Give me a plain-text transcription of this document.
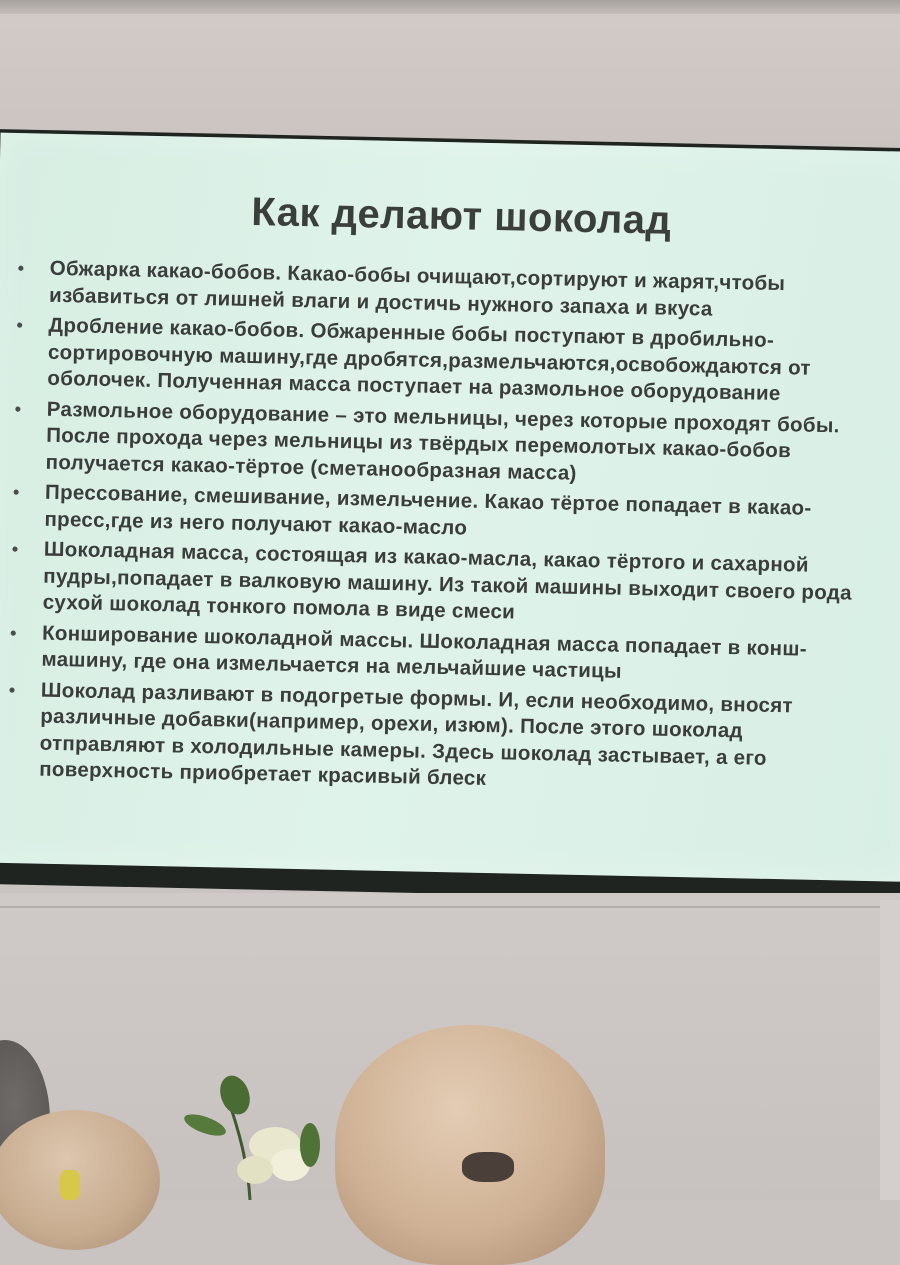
Как делают шоколад
• Обжарка какао-бобов. Какао-бобы очищают,сортируют и жарят,чтобы избавиться от лишней влаги и достичь нужного запаха и вкуса
• Дробление какао-бобов. Обжаренные бобы поступают в дробильно-сортировочную машину,где дробятся,размельчаются,освобождаются от оболочек. Полученная масса поступает на размольное оборудование
• Размольное оборудование – это мельницы, через которые проходят бобы. После прохода через мельницы из твёрдых перемолотых какао-бобов получается какао-тёртое (сметанообразная масса)
• Прессование, смешивание, измельчение. Какао тёртое попадает в какао-пресс,где из него получают какао-масло
• Шоколадная масса, состоящая из какао-масла, какао тёртого и сахарной пудры,попадает в валковую машину. Из такой машины выходит своего рода сухой шоколад тонкого помола в виде смеси
• Конширование шоколадной массы. Шоколадная масса попадает в конш-машину, где она измельчается на мельчайшие частицы
• Шоколад разливают в подогретые формы. И, если необходимо, вносят различные добавки(например, орехи, изюм). После этого шоколад отправляют в холодильные камеры. Здесь шоколад застывает, а его поверхность приобретает красивый блеск
